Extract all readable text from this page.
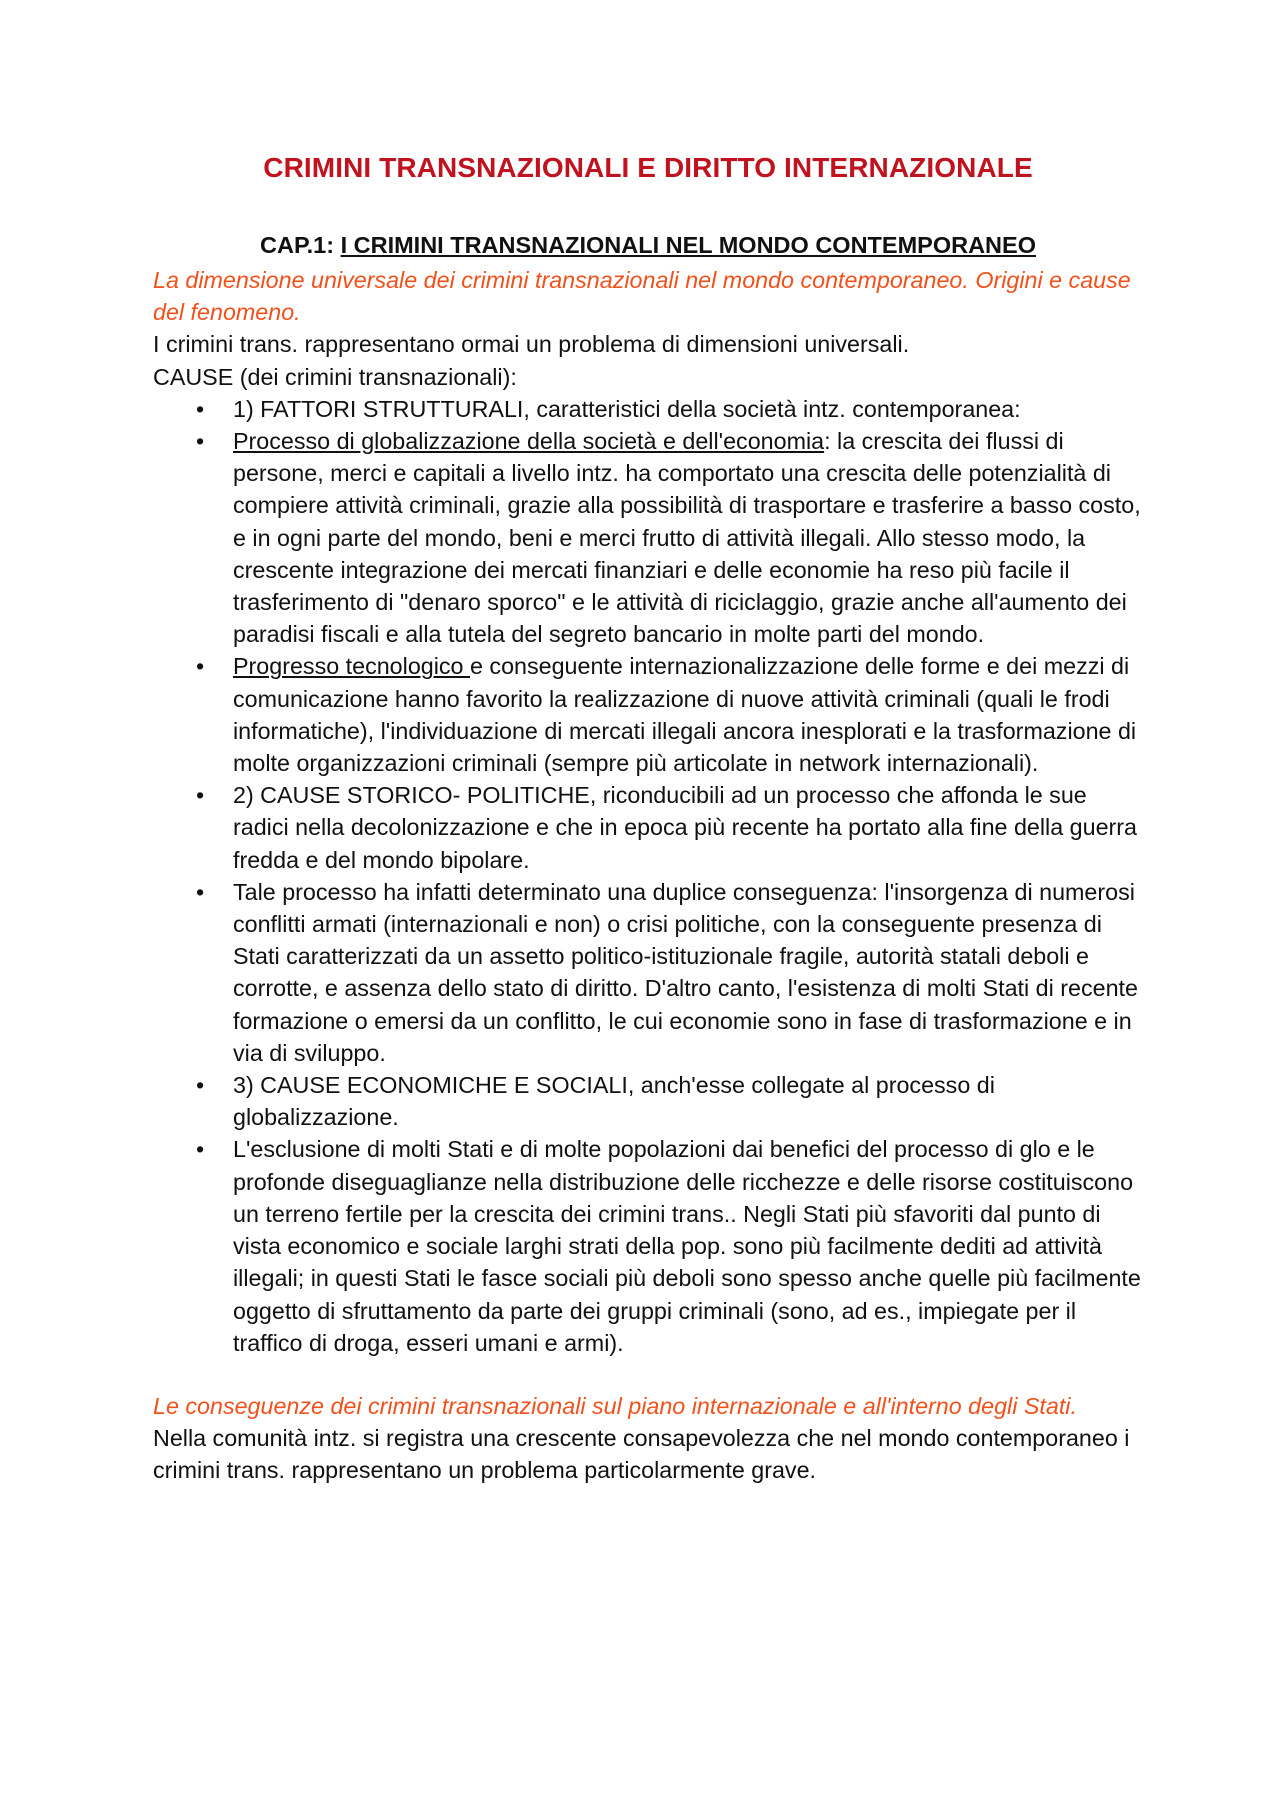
CRIMINI TRANSNAZIONALI E DIRITTO INTERNAZIONALE
CAP.1: I CRIMINI TRANSNAZIONALI NEL MONDO CONTEMPORANEO

La dimensione universale dei crimini transnazionali nel mondo contemporaneo. Origini e cause del fenomeno.

I crimini trans. rappresentano ormai un problema di dimensioni universali.

CAUSE (dei crimini transnazionali):

• 1) FATTORI STRUTTURALI, caratteristici della società intz. contemporanea:
• Processo di globalizzazione della società e dell'economia: la crescita dei flussi di persone, merci e capitali a livello intz. ha comportato una crescita delle potenzialità di compiere attività criminali, grazie alla possibilità di trasportare e trasferire a basso costo, e in ogni parte del mondo, beni e merci frutto di attività illegali. Allo stesso modo, la crescente integrazione dei mercati finanziari e delle economie ha reso più facile il trasferimento di "denaro sporco" e le attività di riciclaggio, grazie anche all'aumento dei paradisi fiscali e alla tutela del segreto bancario in molte parti del mondo.
• Progresso tecnologico e conseguente internazionalizzazione delle forme e dei mezzi di comunicazione hanno favorito la realizzazione di nuove attività criminali (quali le frodi informatiche), l'individuazione di mercati illegali ancora inesplorati e la trasformazione di molte organizzazioni criminali (sempre più articolate in network internazionali).
• 2) CAUSE STORICO- POLITICHE, riconducibili ad un processo che affonda le sue radici nella decolonizzazione e che in epoca più recente ha portato alla fine della guerra fredda e del mondo bipolare.
• Tale processo ha infatti determinato una duplice conseguenza: l'insorgenza di numerosi conflitti armati (internazionali e non) o crisi politiche, con la conseguente presenza di Stati caratterizzati da un assetto politico-istituzionale fragile, autorità statali deboli e corrotte, e assenza dello stato di diritto. D'altro canto, l'esistenza di molti Stati di recente formazione o emersi da un conflitto, le cui economie sono in fase di trasformazione e in via di sviluppo.
• 3) CAUSE ECONOMICHE E SOCIALI, anch'esse collegate al processo di globalizzazione.
• L'esclusione di molti Stati e di molte popolazioni dai benefici del processo di glo e le profonde diseguaglianze nella distribuzione delle ricchezze e delle risorse costituiscono un terreno fertile per la crescita dei crimini trans.. Negli Stati più sfavoriti dal punto di vista economico e sociale larghi strati della pop. sono più facilmente dediti ad attività illegali; in questi Stati le fasce sociali più deboli sono spesso anche quelle più facilmente oggetto di sfruttamento da parte dei gruppi criminali (sono, ad es., impiegate per il traffico di droga, esseri umani e armi).

Le conseguenze dei crimini transnazionali sul piano internazionale e all'interno degli Stati.

Nella comunità intz. si registra una crescente consapevolezza che nel mondo contemporaneo i crimini trans. rappresentano un problema particolarmente grave.
